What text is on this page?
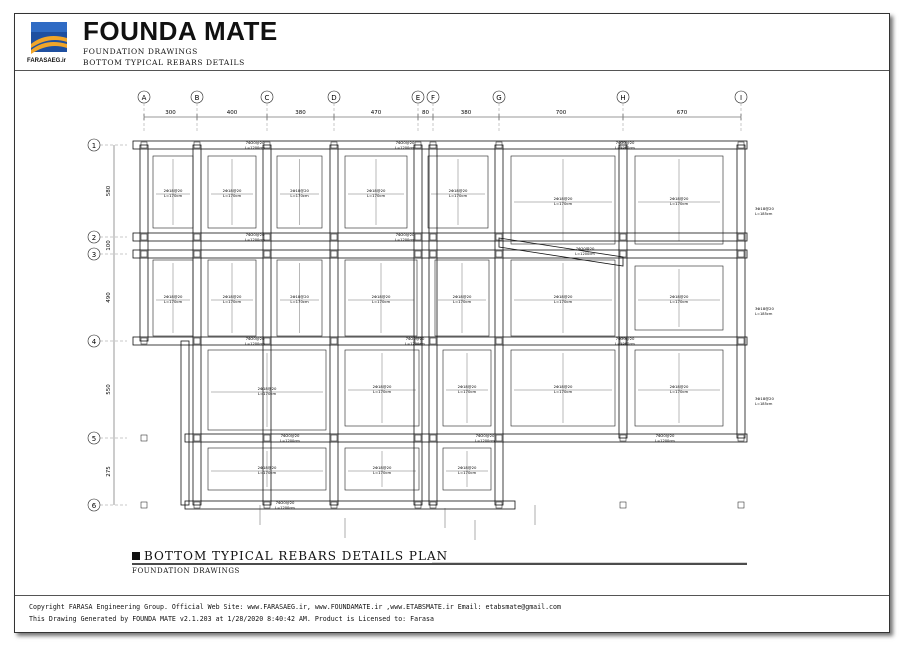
FARASAEG.ir
FOUNDA MATE
FOUNDATION DRAWINGS
BOTTOM TYPICAL REBARS DETAILS
A	B	C	D	E F	G	H	I
1
2
3
4
5
6
300	400	380	470	80	380	700	670
580
100
490
550
275
2Φ18@20
L=170cm
2Φ18@20
L=170cm
2Φ18@20
L=170cm
2Φ18@20
L=170cm
2Φ18@20
L=170cm
2Φ18@20
L=170cm
2Φ18@20
L=170cm
2Φ18@20
L=170cm
2Φ18@20
L=170cm
2Φ18@20
L=170cm
2Φ18@20
L=170cm
2Φ18@20
L=170cm
2Φ18@20
L=170cm
2Φ18@20
L=170cm
2Φ18@20
L=170cm
2Φ18@20
L=170cm
2Φ18@20
L=170cm
2Φ18@20
L=170cm
2Φ18@20
L=170cm
2Φ18@20
L=170cm
2Φ18@20
L=170cm
2Φ18@20
L=170cm
7Φ20@20
L=1200cm
7Φ20@20
L=1200cm
7Φ20@20
L=1200cm
7Φ20@20
L=1200cm
7Φ20@20
L=1200cm
7Φ20@20
L=1200cm
7Φ20@20
L=1200cm
7Φ20@20
L=1200cm
7Φ20@20
L=1200cm
7Φ20@20
L=1200cm
7Φ20@20
L=1200cm
7Φ20@20
L=1200cm
7Φ20@20
L=1200cm
3Φ18@20
L=185cm
3Φ18@20
L=185cm
3Φ18@20
L=185cm
BOTTOM TYPICAL REBARS DETAILS PLAN
FOUNDATION DRAWINGS
Copyright FARASA Engineering Group. Official Web Site: www.FARASAEG.ir, www.FOUNDAMATE.ir ,www.ETABSMATE.ir Email: etabsmate@gmail.com
This Drawing Generated by FOUNDA MATE v2.1.203 at 1/28/2020 8:40:42 AM. Product is Licensed to: Farasa
